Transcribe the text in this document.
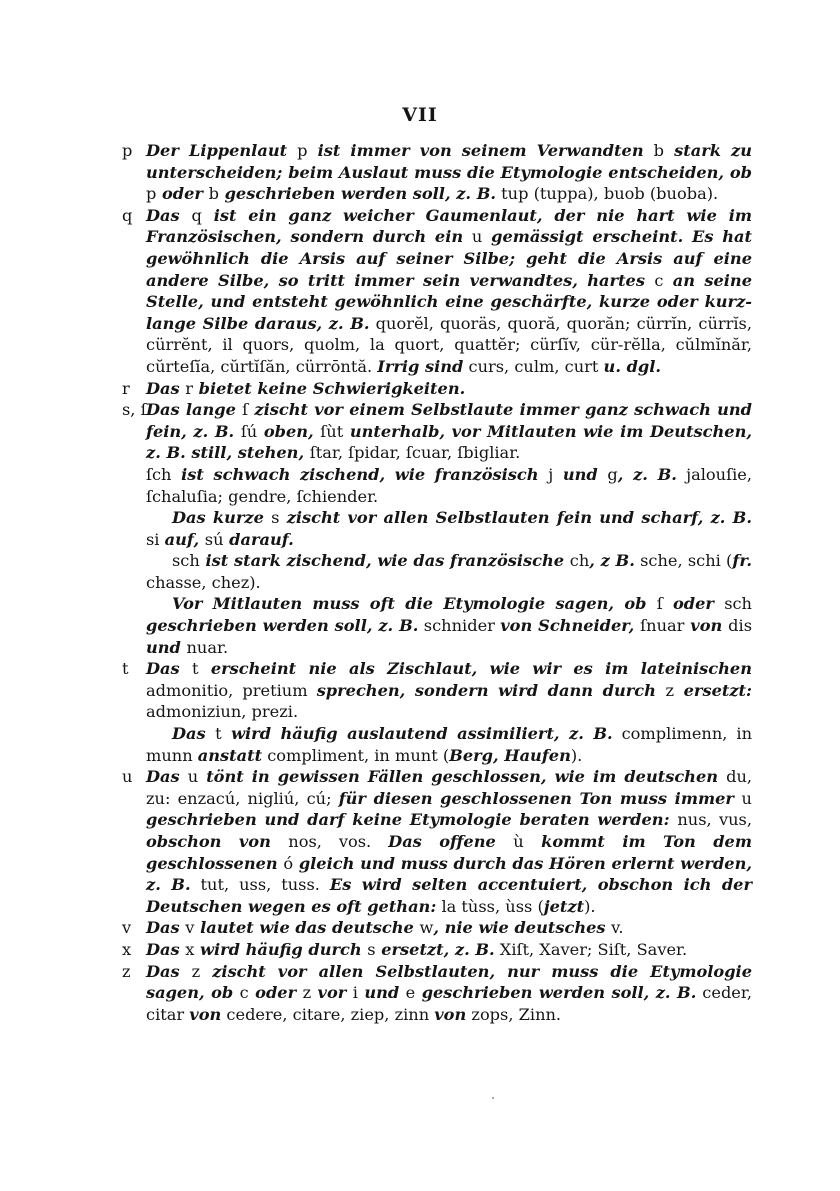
VII
p Der Lippenlaut p ist immer von seinem Verwandten b stark zu unterscheiden; beim Auslaut muss die Etymologie entscheiden, ob p oder b geschrieben werden soll, z. B. tup (tuppa), buob (buoba).

q Das q ist ein ganz weicher Gaumenlaut, der nie hart wie im Französischen, sondern durch ein u gemässigt erscheint. Es hat gewöhnlich die Arsis auf seiner Silbe; geht die Arsis auf eine andere Silbe, so tritt immer sein verwandtes, hartes c an seine Stelle, und entsteht gewöhnlich eine geschärfte, kurze oder kurz-lange Silbe daraus, z. B. quorĕl, quoräs, quoră, quorăn; cürrĭn, cürrĭs, cürrĕnt, il quors, quolm, la quort, quattĕr; cürſĭv, cür-rĕlla, cŭlmĭnăr, cŭrteſĭa, cŭrtĭſăn, cürrōntă. Irrig sind curs, culm, curt u. dgl.

r	Das r bietet keine Schwierigkeiten.

s, ſ Das lange ſ zischt vor einem Selbstlaute immer ganz schwach und fein, z. B. ſú oben, ſùt unterhalb, vor Mitlauten wie im Deutschen, z. B. still, stehen, ſtar, ſpidar, ſcuar, ſbigliar.

ſch ist schwach zischend, wie französisch j und g, z. B. jalouſie, ſchaluſia; gendre, ſchiender.

Das kurze s zischt vor allen Selbstlauten fein und scharf, z. B. si auf, sú darauf.

sch ist stark zischend, wie das französische ch, z B. sche, schi (fr. chasse, chez).

Vor Mitlauten muss oft die Etymologie sagen, ob ſ oder sch geschrieben werden soll, z. B. schnider von Schneider, ſnuar von dis und nuar.

t	Das t erscheint nie als Zischlaut, wie wir es im lateinischen admonitio, pretium sprechen, sondern wird dann durch z ersetzt: admoniziun, prezi.

Das t wird häufig auslautend assimiliert, z. B. complimenn, in munn anstatt compliment, in munt (Berg, Haufen).

u Das u tönt in gewissen Fällen geschlossen, wie im deutschen du, zu: enzacú, nigliú, cú; für diesen geschlossenen Ton muss immer u geschrieben und darf keine Etymologie beraten werden: nus, vus, obschon von nos, vos. Das offene ù kommt im Ton dem geschlossenen ó gleich und muss durch das Hören erlernt werden, z. B. tut, uss, tuss. Es wird selten accentuiert, obschon ich der Deutschen wegen es oft gethan: la tùss, ùss (jetzt).

v Das v lautet wie das deutsche w, nie wie deutsches v.

x Das x wird häufig durch s ersetzt, z. B. Xiſt, Xaver; Siſt, Saver.

z Das z zischt vor allen Selbstlauten, nur muss die Etymologie sagen, ob c oder z vor i und e geschrieben werden soll, z. B. ceder, citar von cedere, citare, ziep, zinn von zops, Zinn.
